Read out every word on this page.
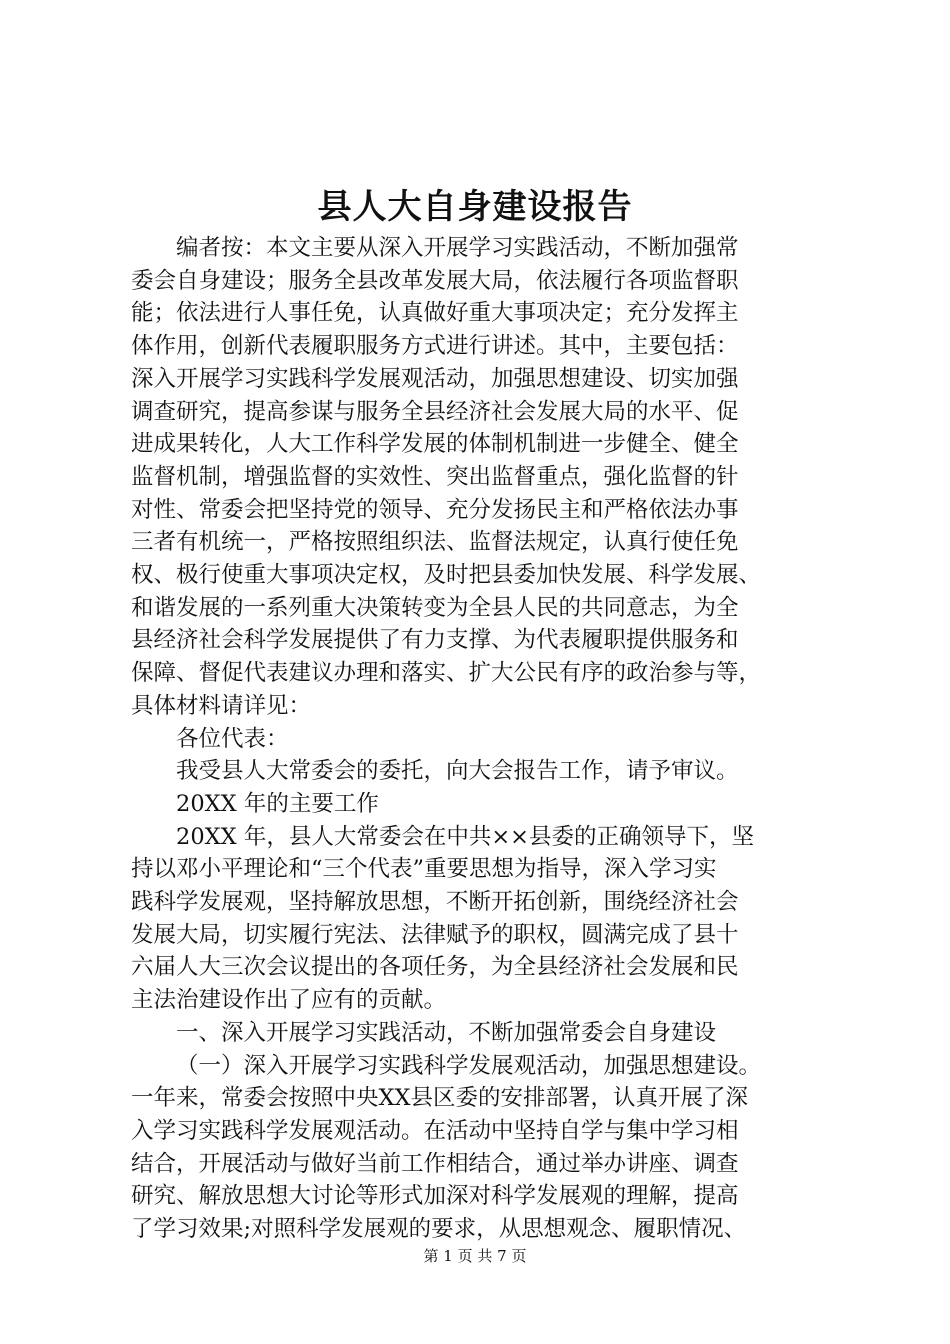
县人大自身建设报告

编者按：本文主要从深入开展学习实践活动，不断加强常
委会自身建设；服务全县改革发展大局，依法履行各项监督职
能；依法进行人事任免，认真做好重大事项决定；充分发挥主
体作用，创新代表履职服务方式进行讲述。其中，主要包括：
深入开展学习实践科学发展观活动，加强思想建设、切实加强
调查研究，提高参谋与服务全县经济社会发展大局的水平、促
进成果转化，人大工作科学发展的体制机制进一步健全、健全
监督机制，增强监督的实效性、突出监督重点，强化监督的针
对性、常委会把坚持党的领导、充分发扬民主和严格依法办事
三者有机统一，严格按照组织法、监督法规定，认真行使任免
权、极行使重大事项决定权，及时把县委加快发展、科学发展、
和谐发展的一系列重大决策转变为全县人民的共同意志，为全
县经济社会科学发展提供了有力支撑、为代表履职提供服务和
保障、督促代表建议办理和落实、扩大公民有序的政治参与等，
具体材料请详见：

各位代表：

我受县人大常委会的委托，向大会报告工作，请予审议。

20XX 年的主要工作

20XX 年，县人大常委会在中共××县委的正确领导下，坚
持以邓小平理论和“三个代表”重要思想为指导，深入学习实
践科学发展观，坚持解放思想，不断开拓创新，围绕经济社会
发展大局，切实履行宪法、法律赋予的职权，圆满完成了县十
六届人大三次会议提出的各项任务，为全县经济社会发展和民
主法治建设作出了应有的贡献。

一、深入开展学习实践活动，不断加强常委会自身建设

（一）深入开展学习实践科学发展观活动，加强思想建设。
一年来，常委会按照中央XX县区委的安排部署，认真开展了深
入学习实践科学发展观活动。在活动中坚持自学与集中学习相
结合，开展活动与做好当前工作相结合，通过举办讲座、调查
研究、解放思想大讨论等形式加深对科学发展观的理解，提高
了学习效果;对照科学发展观的要求，从思想观念、履职情况、

第 1 页 共 7 页
